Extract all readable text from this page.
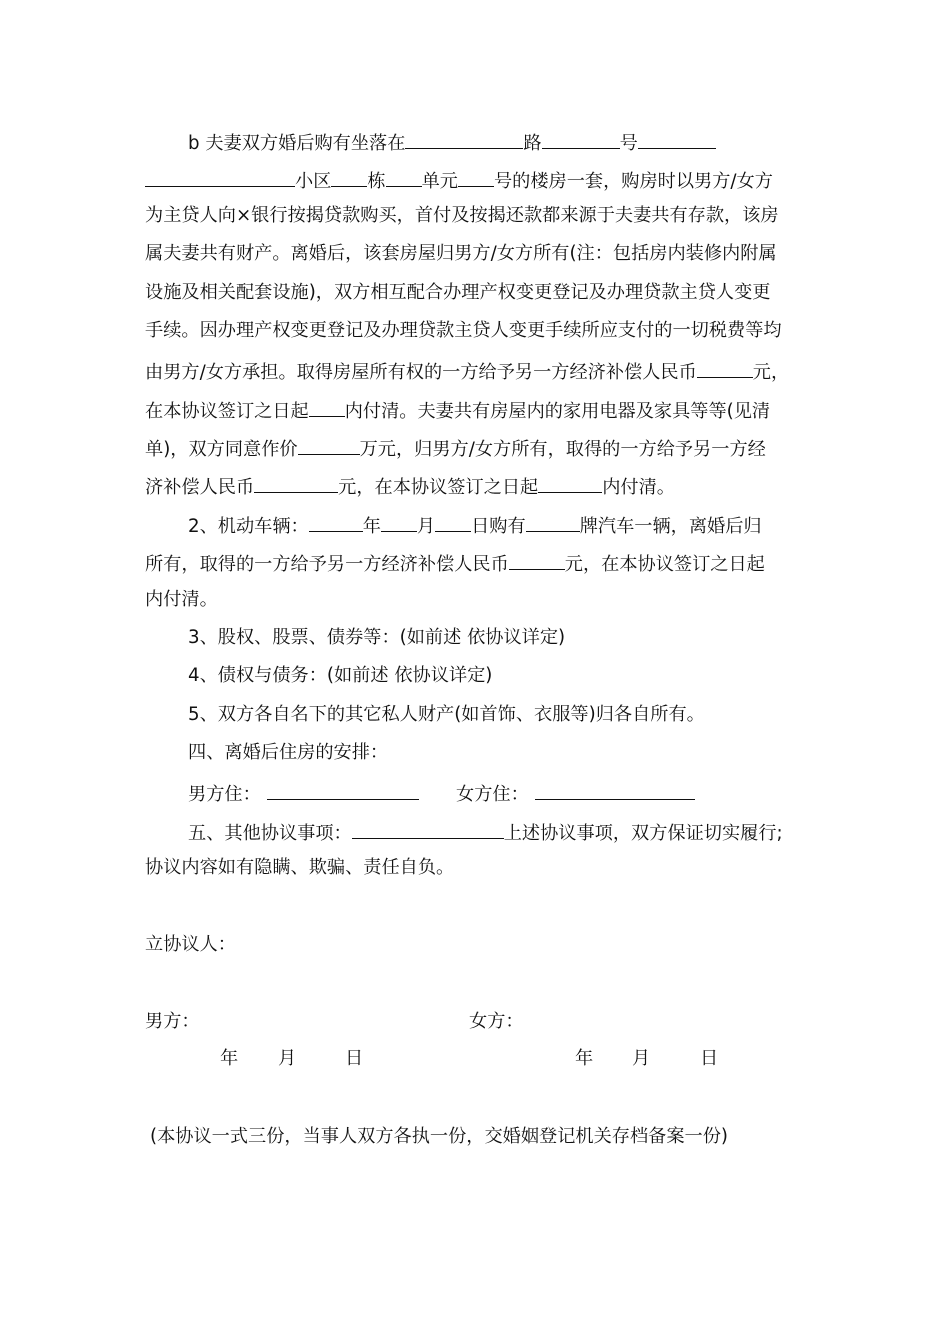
b 夫妻双方婚后购有坐落在	路	号
小区 栋 单元 号的楼房一套，购房时以男方/女方
为主贷人向×银行按揭贷款购买，首付及按揭还款都来源于夫妻共有存款，该房
属夫妻共有财产。离婚后，该套房屋归男方/女方所有(注：包括房内装修内附属
设施及相关配套设施)，双方相互配合办理产权变更登记及办理贷款主贷人变更
手续。因办理产权变更登记及办理贷款主贷人变更手续所应支付的一切税费等均
由男方/女方承担。取得房屋所有权的一方给予另一方经济补偿人民币	元，
在本协议签订之日起 内付清。夫妻共有房屋内的家用电器及家具等等(见清
单)，双方同意作价	万元，归男方/女方所有，取得的一方给予另一方经
济补偿人民币	元，在本协议签订之日起	内付清。
2、机动车辆：	年 月 日购有	牌汽车一辆，离婚后归
所有，取得的一方给予另一方经济补偿人民币	元，在本协议签订之日起
内付清。
3、股权、股票、债券等：(如前述 依协议详定)
4、债权与债务：(如前述 依协议详定)
5、双方各自名下的其它私人财产(如首饰、衣服等)归各自所有。
四、离婚后住房的安排：
男方住：	女方住：
五、其他协议事项：	上述协议事项，双方保证切实履行;
协议内容如有隐瞒、欺骗、责任自负。
立协议人：
男方：	女方：
年 月	日	年 月	日
(本协议一式三份，当事人双方各执一份，交婚姻登记机关存档备案一份)
